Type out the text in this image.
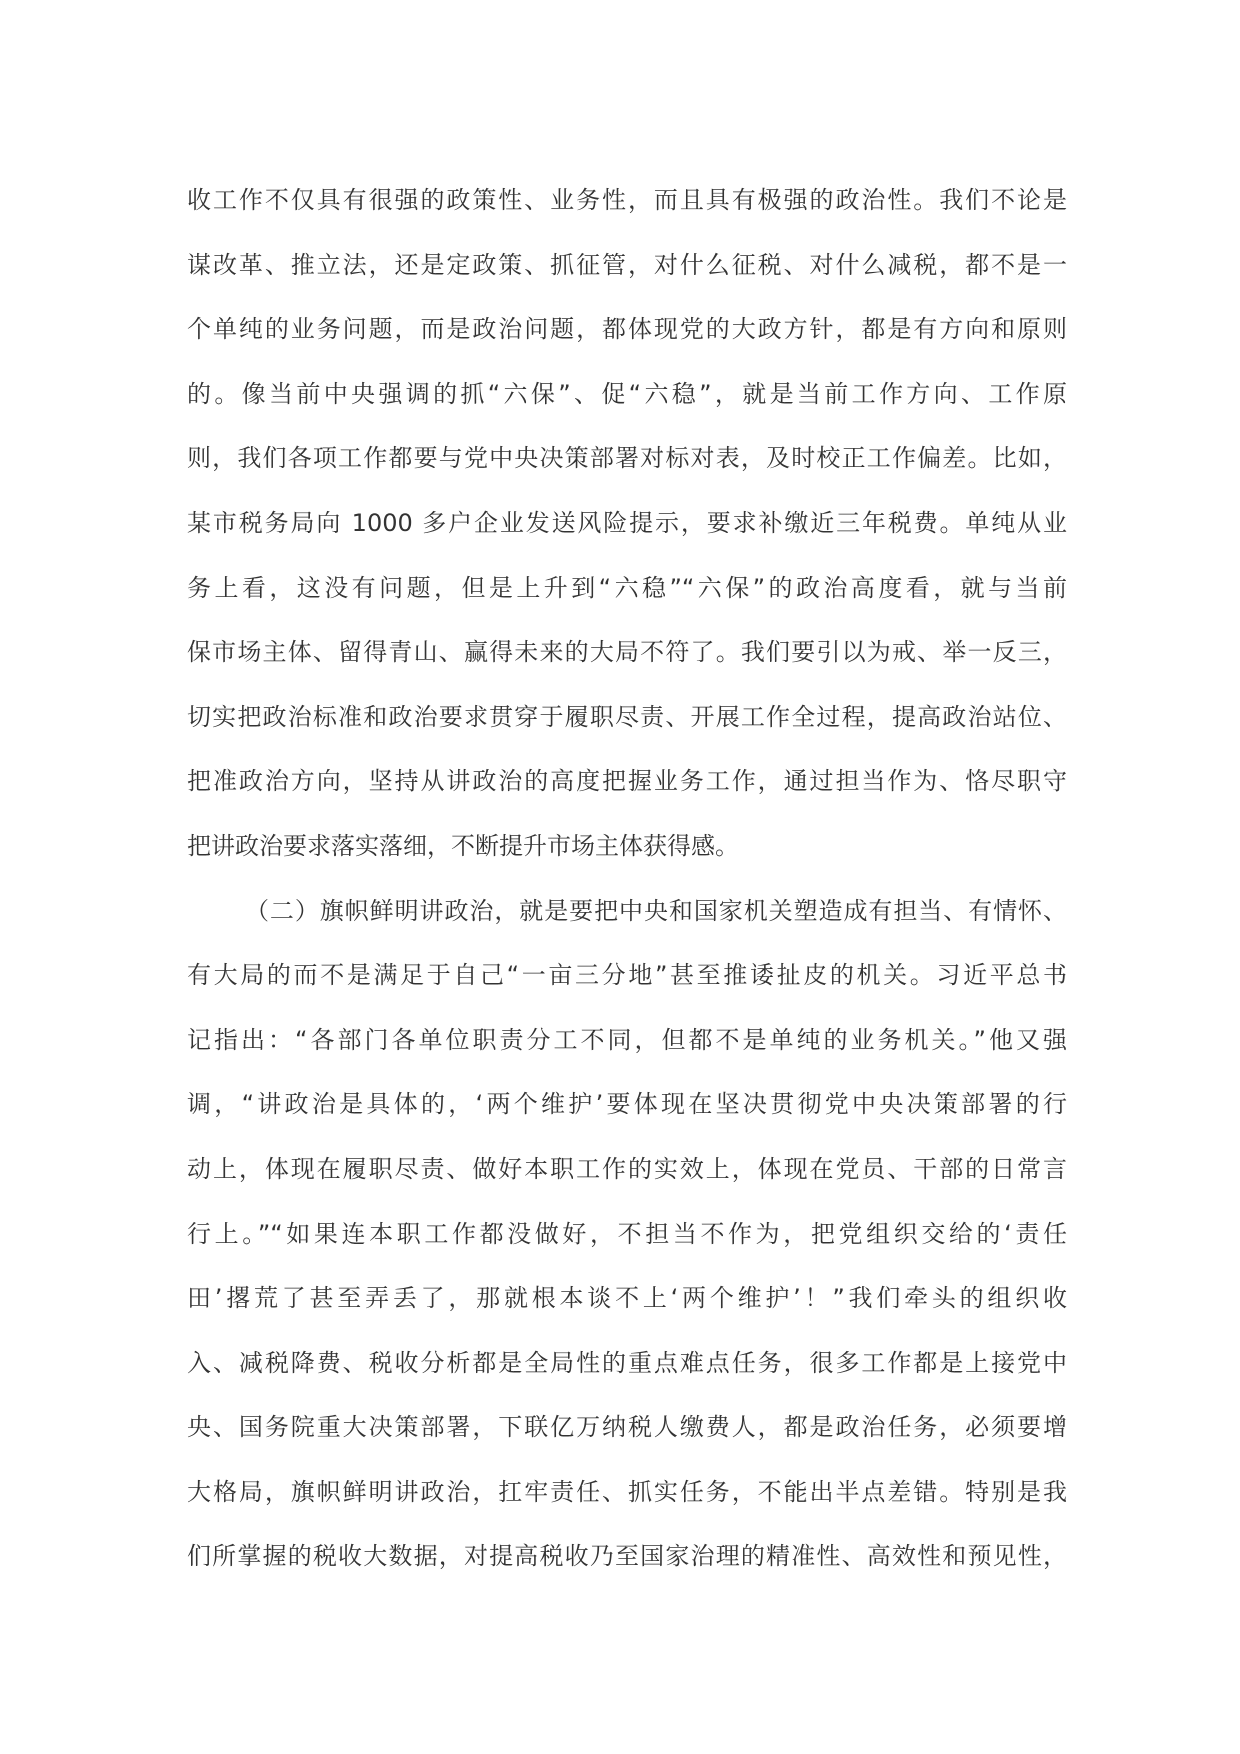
收工作不仅具有很强的政策性、业务性，而且具有极强的政治性。我们不论是
谋改革、推立法，还是定政策、抓征管，对什么征税、对什么减税，都不是一
个单纯的业务问题，而是政治问题，都体现党的大政方针，都是有方向和原则
的。像当前中央强调的抓“六保”、促“六稳”，就是当前工作方向、工作原
则，我们各项工作都要与党中央决策部署对标对表，及时校正工作偏差。比如，
某市税务局向 1000 多户企业发送风险提示，要求补缴近三年税费。单纯从业
务上看，这没有问题，但是上升到“六稳”“六保”的政治高度看，就与当前
保市场主体、留得青山、赢得未来的大局不符了。我们要引以为戒、举一反三，
切实把政治标准和政治要求贯穿于履职尽责、开展工作全过程，提高政治站位、
把准政治方向，坚持从讲政治的高度把握业务工作，通过担当作为、恪尽职守
把讲政治要求落实落细，不断提升市场主体获得感。
（二）旗帜鲜明讲政治，就是要把中央和国家机关塑造成有担当、有情怀、
有大局的而不是满足于自己“一亩三分地”甚至推诿扯皮的机关。习近平总书
记指出：“各部门各单位职责分工不同，但都不是单纯的业务机关。”他又强
调，“讲政治是具体的，‘两个维护’要体现在坚决贯彻党中央决策部署的行
动上，体现在履职尽责、做好本职工作的实效上，体现在党员、干部的日常言
行上。”“如果连本职工作都没做好，不担当不作为，把党组织交给的‘责任
田’撂荒了甚至弄丢了，那就根本谈不上‘两个维护’！”我们牵头的组织收
入、减税降费、税收分析都是全局性的重点难点任务，很多工作都是上接党中
央、国务院重大决策部署，下联亿万纳税人缴费人，都是政治任务，必须要增
大格局，旗帜鲜明讲政治，扛牢责任、抓实任务，不能出半点差错。特别是我
们所掌握的税收大数据，对提高税收乃至国家治理的精准性、高效性和预见性，
